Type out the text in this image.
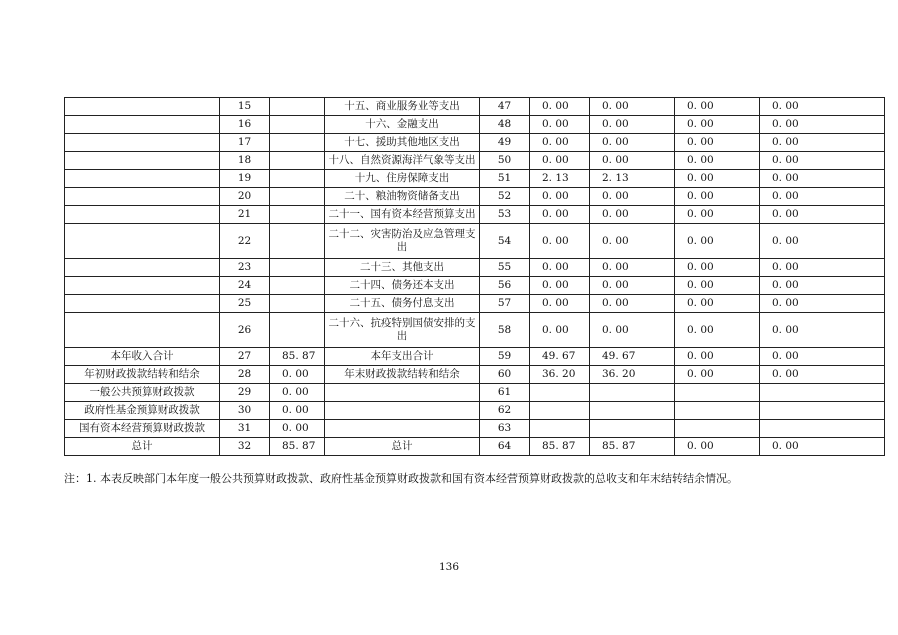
	15		十五、商业服务业等支出	47	0. 00	0. 00	0. 00	0. 00
	16		十六、金融支出	48	0. 00	0. 00	0. 00	0. 00
	17		十七、援助其他地区支出	49	0. 00	0. 00	0. 00	0. 00
	18		十八、自然资源海洋气象等支出	50	0. 00	0. 00	0. 00	0. 00
	19		十九、住房保障支出	51	2. 13	2. 13	0. 00	0. 00
	20		二十、粮油物资储备支出	52	0. 00	0. 00	0. 00	0. 00
	21		二十一、国有资本经营预算支出	53	0. 00	0. 00	0. 00	0. 00
	22		二十二、灾害防治及应急管理支出	54	0. 00	0. 00	0. 00	0. 00
	23		二十三、其他支出	55	0. 00	0. 00	0. 00	0. 00
	24		二十四、债务还本支出	56	0. 00	0. 00	0. 00	0. 00
	25		二十五、债务付息支出	57	0. 00	0. 00	0. 00	0. 00
	26		二十六、抗疫特别国债安排的支出	58	0. 00	0. 00	0. 00	0. 00
本年收入合计	27	85. 87	本年支出合计	59	49. 67	49. 67	0. 00	0. 00
年初财政拨款结转和结余	28	0. 00	年末财政拨款结转和结余	60	36. 20	36. 20	0. 00	0. 00
一般公共预算财政拨款	29	0. 00		61				
政府性基金预算财政拨款	30	0. 00		62				
国有资本经营预算财政拨款	31	0. 00		63				
总计	32	85. 87	总计	64	85. 87	85. 87	0. 00	0. 00
注：1. 本表反映部门本年度一般公共预算财政拨款、政府性基金预算财政拨款和国有资本经营预算财政拨款的总收支和年末结转结余情况。
136
